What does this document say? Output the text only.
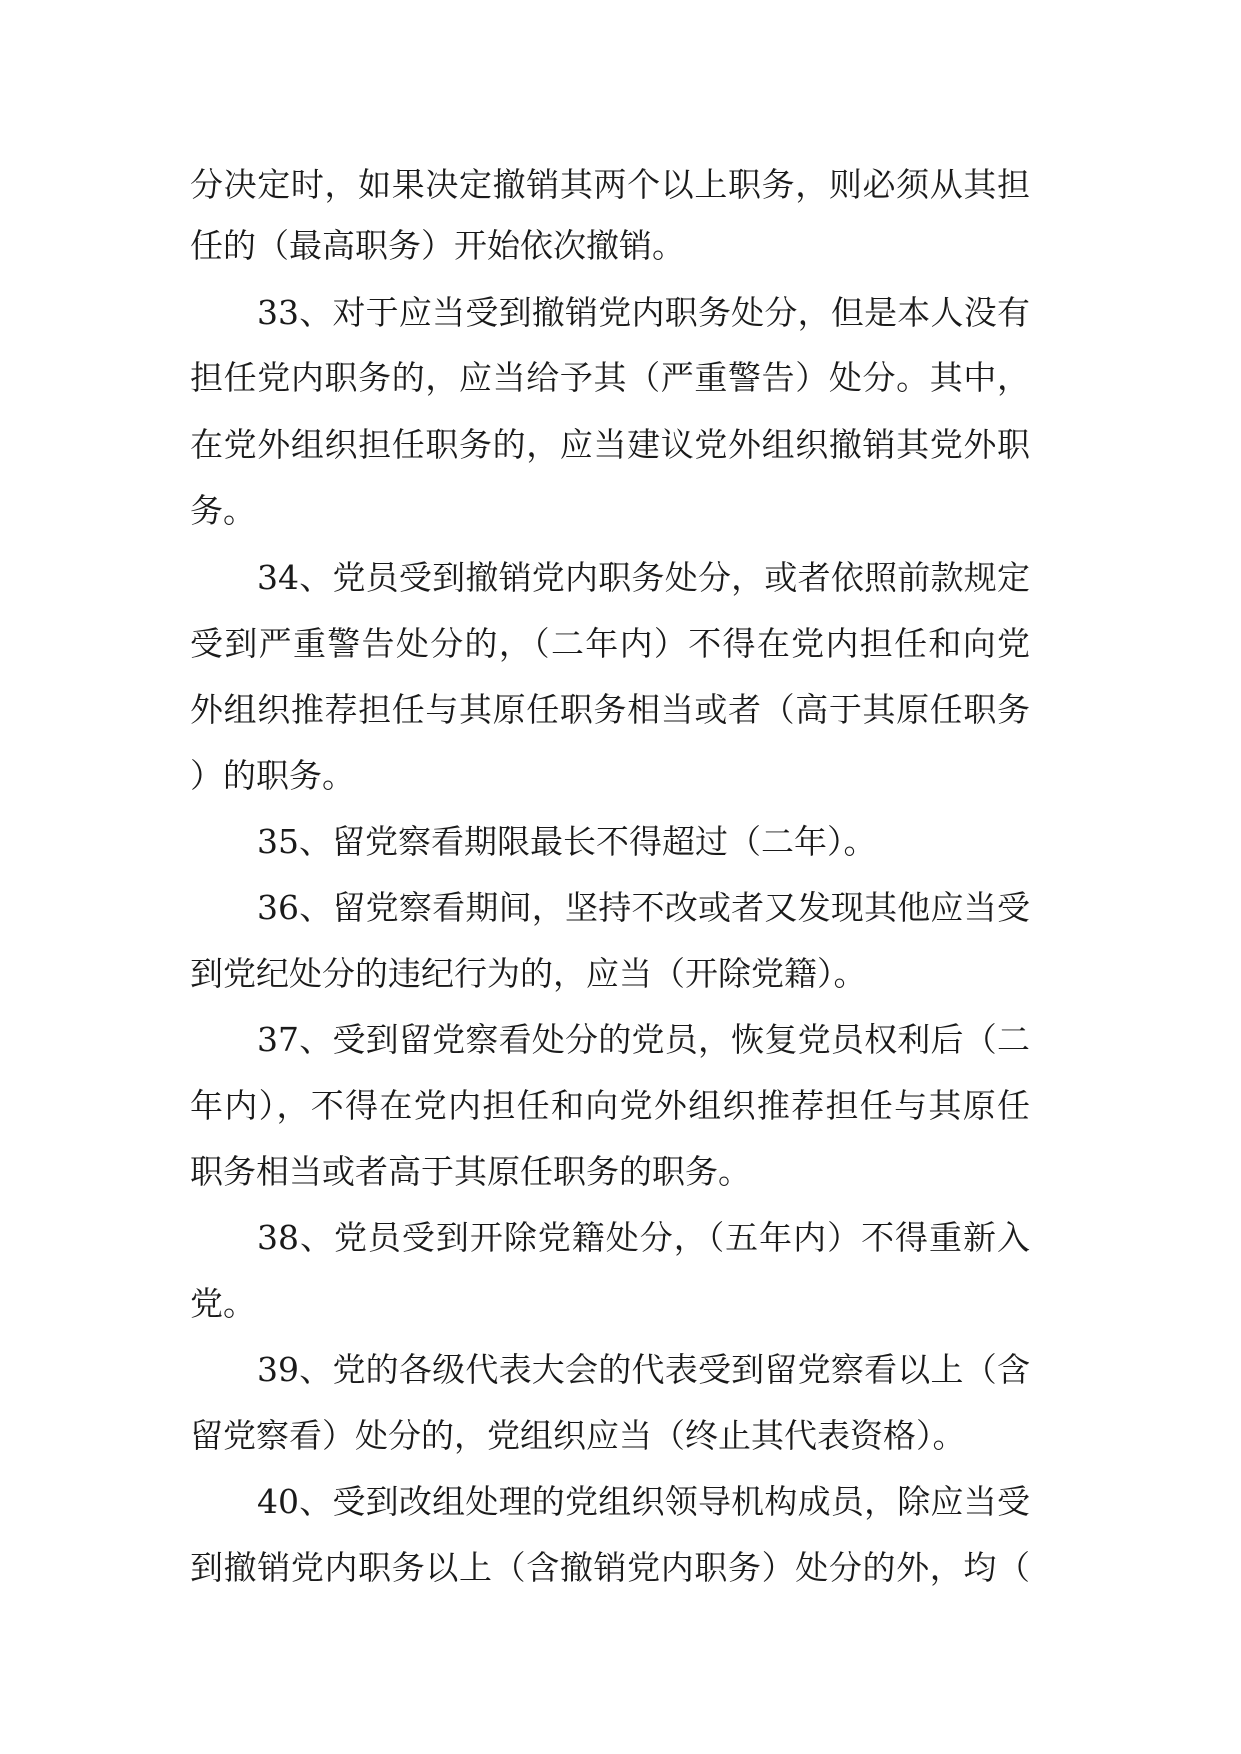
分决定时，如果决定撤销其两个以上职务，则必须从其担
任的（最高职务）开始依次撤销。
33、对于应当受到撤销党内职务处分，但是本人没有
担任党内职务的，应当给予其（严重警告）处分。其中，
在党外组织担任职务的，应当建议党外组织撤销其党外职
务。
34、党员受到撤销党内职务处分，或者依照前款规定
受到严重警告处分的，（二年内）不得在党内担任和向党
外组织推荐担任与其原任职务相当或者（高于其原任职务
）的职务。
35、留党察看期限最长不得超过（二年）。
36、留党察看期间，坚持不改或者又发现其他应当受
到党纪处分的违纪行为的，应当（开除党籍）。
37、受到留党察看处分的党员，恢复党员权利后（二
年内），不得在党内担任和向党外组织推荐担任与其原任
职务相当或者高于其原任职务的职务。
38、党员受到开除党籍处分，（五年内）不得重新入
党。
39、党的各级代表大会的代表受到留党察看以上（含
留党察看）处分的，党组织应当（终止其代表资格）。
40、受到改组处理的党组织领导机构成员，除应当受
到撤销党内职务以上（含撤销党内职务）处分的外，均（
